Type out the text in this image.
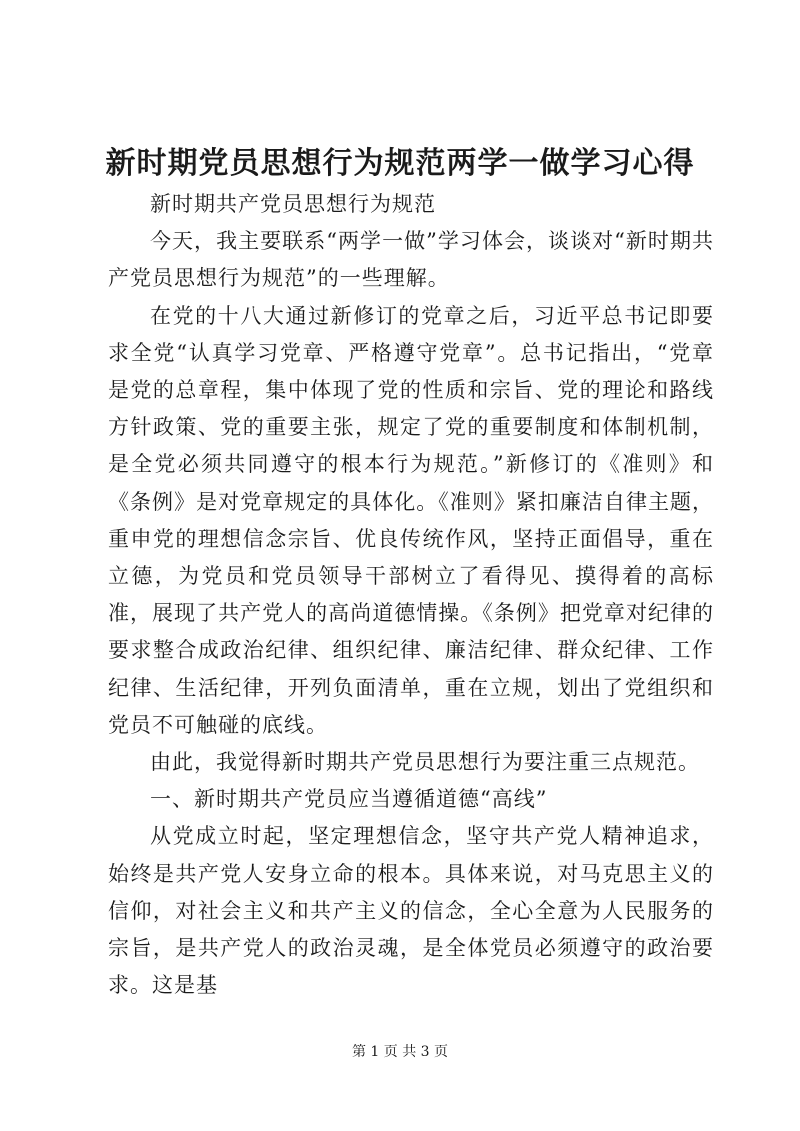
新时期党员思想行为规范两学一做学习心得

新时期共产党员思想行为规范

今天，我主要联系“两学一做”学习体会，谈谈对“新时期共产党员思想行为规范”的一些理解。

在党的十八大通过新修订的党章之后，习近平总书记即要求全党“认真学习党章、严格遵守党章”。总书记指出，“党章是党的总章程，集中体现了党的性质和宗旨、党的理论和路线方针政策、党的重要主张，规定了党的重要制度和体制机制，是全党必须共同遵守的根本行为规范。”新修订的《准则》和《条例》是对党章规定的具体化。《准则》紧扣廉洁自律主题，重申党的理想信念宗旨、优良传统作风，坚持正面倡导，重在立德，为党员和党员领导干部树立了看得见、摸得着的高标准，展现了共产党人的高尚道德情操。《条例》把党章对纪律的要求整合成政治纪律、组织纪律、廉洁纪律、群众纪律、工作纪律、生活纪律，开列负面清单，重在立规，划出了党组织和党员不可触碰的底线。

由此，我觉得新时期共产党员思想行为要注重三点规范。

一、新时期共产党员应当遵循道德“高线”

从党成立时起，坚定理想信念，坚守共产党人精神追求，始终是共产党人安身立命的根本。具体来说，对马克思主义的信仰，对社会主义和共产主义的信念，全心全意为人民服务的宗旨，是共产党人的政治灵魂，是全体党员必须遵守的政治要求。这是基

第 1 页 共 3 页
